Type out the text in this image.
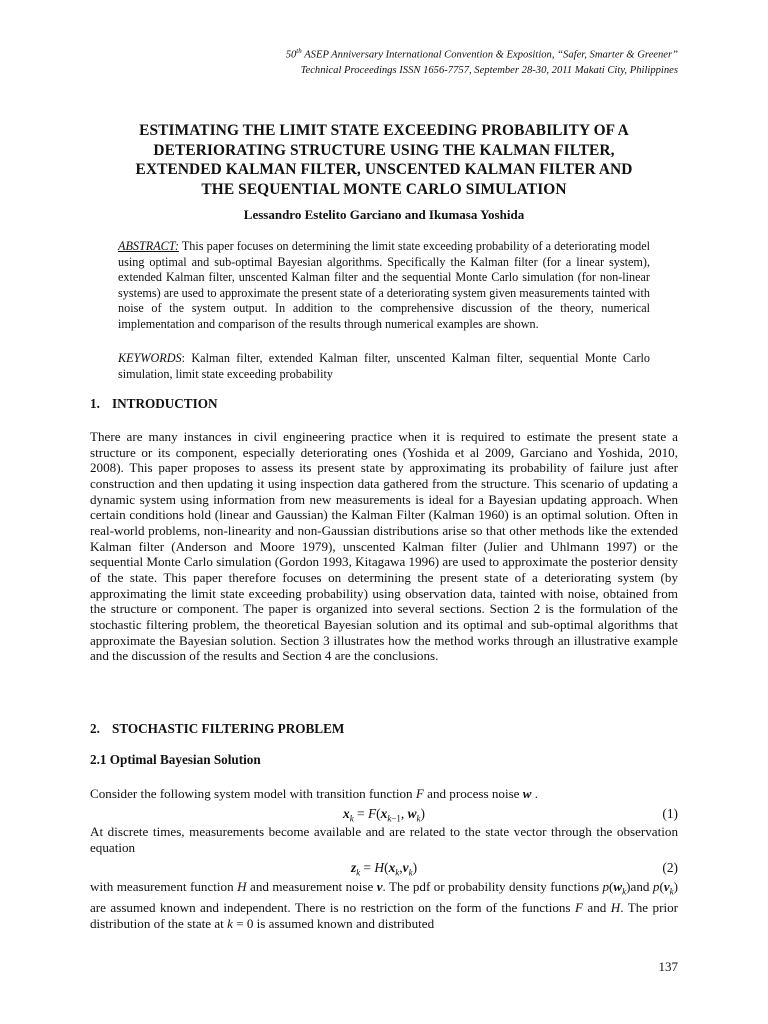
50th ASEP Anniversary International Convention & Exposition, “Safer, Smarter & Greener”
Technical Proceedings ISSN 1656-7757, September 28-30, 2011 Makati City, Philippines
ESTIMATING THE LIMIT STATE EXCEEDING PROBABILITY OF A
DETERIORATING STRUCTURE USING THE KALMAN FILTER,
EXTENDED KALMAN FILTER, UNSCENTED KALMAN FILTER AND
THE SEQUENTIAL MONTE CARLO SIMULATION
Lessandro Estelito Garciano and Ikumasa Yoshida
ABSTRACT: This paper focuses on determining the limit state exceeding probability of a deteriorating model using optimal and sub-optimal Bayesian algorithms. Specifically the Kalman filter (for a linear system), extended Kalman filter, unscented Kalman filter and the sequential Monte Carlo simulation (for non-linear systems) are used to approximate the present state of a deteriorating system given measurements tainted with noise of the system output. In addition to the comprehensive discussion of the theory, numerical implementation and comparison of the results through numerical examples are shown.
KEYWORDS: Kalman filter, extended Kalman filter, unscented Kalman filter, sequential Monte Carlo simulation, limit state exceeding probability
1. INTRODUCTION
There are many instances in civil engineering practice when it is required to estimate the present state a structure or its component, especially deteriorating ones (Yoshida et al 2009, Garciano and Yoshida, 2010, 2008). This paper proposes to assess its present state by approximating its probability of failure just after construction and then updating it using inspection data gathered from the structure. This scenario of updating a dynamic system using information from new measurements is ideal for a Bayesian updating approach. When certain conditions hold (linear and Gaussian) the Kalman Filter (Kalman 1960) is an optimal solution. Often in real-world problems, non-linearity and non-Gaussian distributions arise so that other methods like the extended Kalman filter (Anderson and Moore 1979), unscented Kalman filter (Julier and Uhlmann 1997) or the sequential Monte Carlo simulation (Gordon 1993, Kitagawa 1996) are used to approximate the posterior density of the state. This paper therefore focuses on determining the present state of a deteriorating system (by approximating the limit state exceeding probability) using observation data, tainted with noise, obtained from the structure or component. The paper is organized into several sections. Section 2 is the formulation of the stochastic filtering problem, the theoretical Bayesian solution and its optimal and sub-optimal algorithms that approximate the Bayesian solution. Section 3 illustrates how the method works through an illustrative example and the discussion of the results and Section 4 are the conclusions.
2. STOCHASTIC FILTERING PROBLEM
2.1 Optimal Bayesian Solution
Consider the following system model with transition function F and process noise w .
$x_k = F(x_{k-1}$, $w_k$)	(1)
At discrete times, measurements become available and are related to the state vector through the observation equation
$z_k = H(x_k,v_k)$	(2)
with measurement function H and measurement noise v. The pdf or probability density functions $p(w_k)and$ $p(v_k)$ are assumed known and independent. There is no restriction on the form of the functions F and H. The prior distribution of the state at k = 0 is assumed known and distributed
137
